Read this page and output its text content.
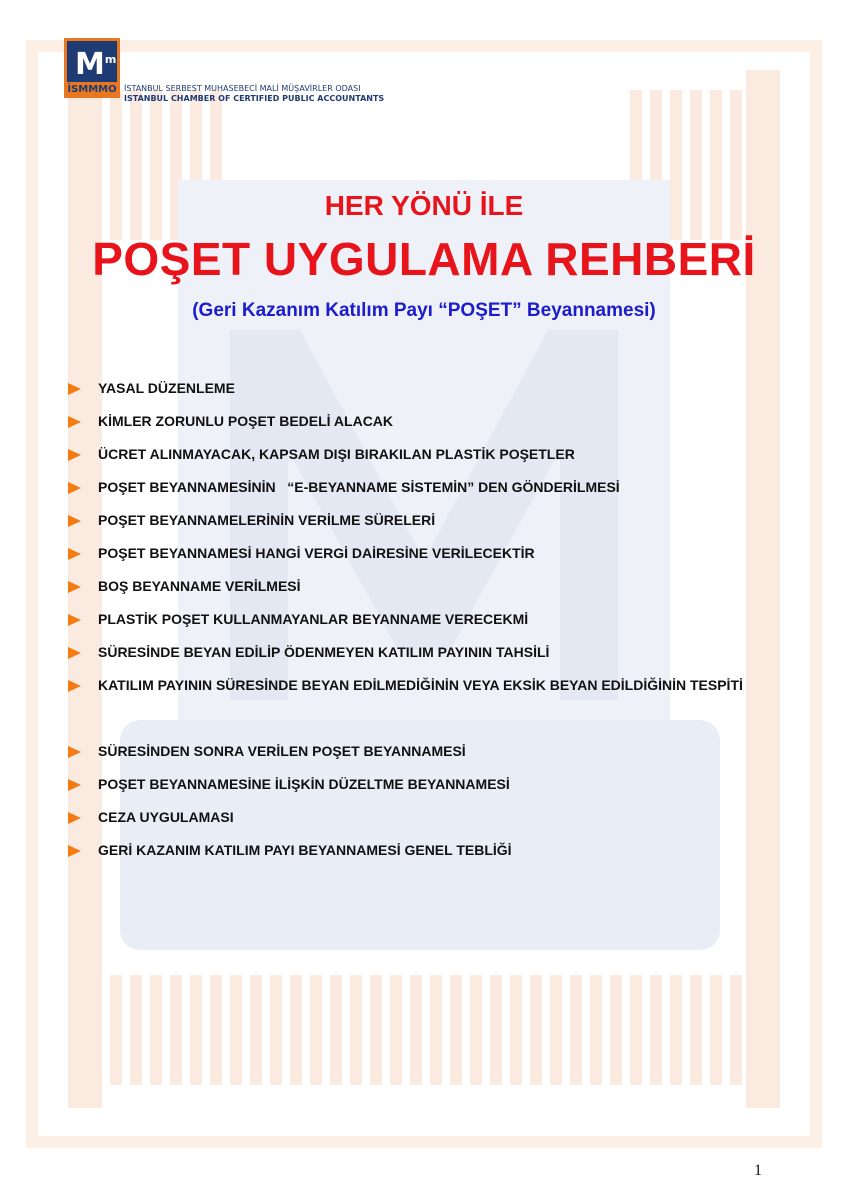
$M^m$
İSMMMO İSTANBUL SERBEST MUHASEBECİ MALİ MÜŞAVİRLER ODASI
ISTANBUL CHAMBER OF CERTIFIED PUBLIC ACCOUNTANTS
HER YÖNÜ İLE
POŞET UYGULAMA REHBERİ
(Geri Kazanım Katılım Payı “POŞET” Beyannamesi)
YASAL DÜZENLEME
KİMLER ZORUNLU POŞET BEDELİ ALACAK
ÜCRET ALINMAYACAK, KAPSAM DIŞI BIRAKILAN PLASTİK POŞETLER
POŞET BEYANNAMESİNİN   “E-BEYANNAME SİSTEMİN” DEN GÖNDERİLMESİ
POŞET BEYANNAMELERİNİN VERİLME SÜRELERİ
POŞET BEYANNAMESİ HANGİ VERGİ DAİRESİNE VERİLECEKTİR
BOŞ BEYANNAME VERİLMESİ
PLASTİK POŞET KULLANMAYANLAR BEYANNAME VERECEKMİ
SÜRESİNDE BEYAN EDİLİP ÖDENMEYEN KATILIM PAYININ TAHSİLİ
KATILIM PAYININ SÜRESİNDE BEYAN EDİLMEDİĞİNİN VEYA EKSİK BEYAN EDİLDİĞİNİN TESPİTİ
SÜRESİNDEN SONRA VERİLEN POŞET BEYANNAMESİ
POŞET BEYANNAMESİNE İLİŞKİN DÜZELTME BEYANNAMESİ
CEZA UYGULAMASI
GERİ KAZANIM KATILIM PAYI BEYANNAMESİ GENEL TEBLİĞİ
1
